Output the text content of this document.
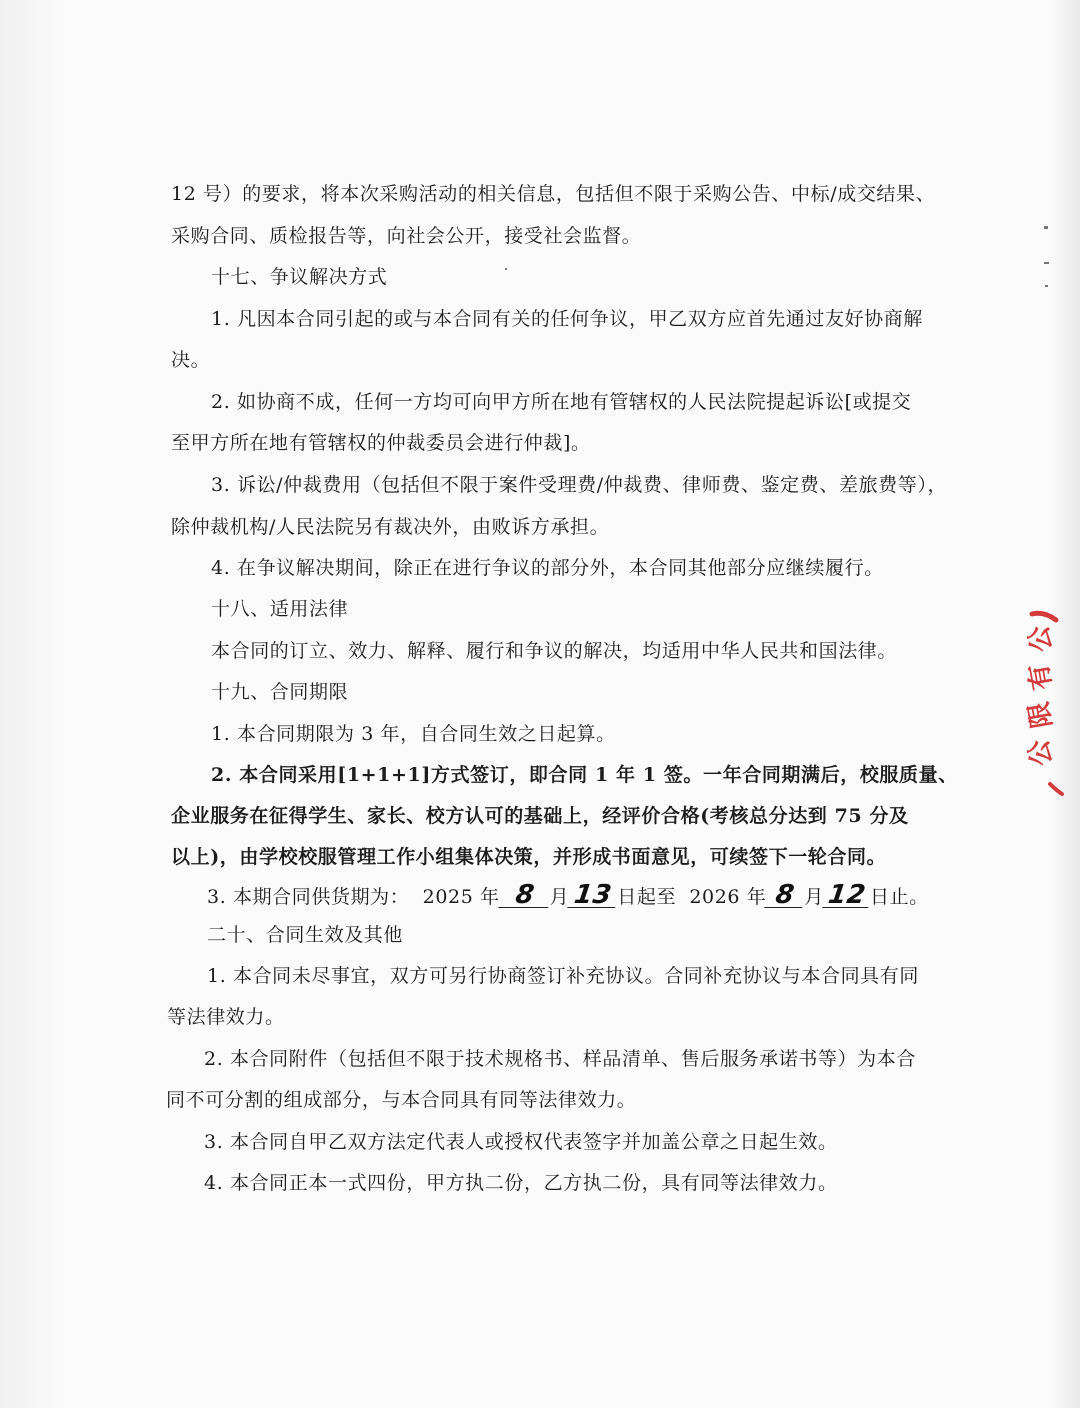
12 号）的要求，将本次采购活动的相关信息，包括但不限于采购公告、中标/成交结果、
采购合同、质检报告等，向社会公开，接受社会监督。
十七、争议解决方式
1. 凡因本合同引起的或与本合同有关的任何争议，甲乙双方应首先通过友好协商解
决。
2. 如协商不成，任何一方均可向甲方所在地有管辖权的人民法院提起诉讼[或提交
至甲方所在地有管辖权的仲裁委员会进行仲裁]。
3. 诉讼/仲裁费用（包括但不限于案件受理费/仲裁费、律师费、鉴定费、差旅费等），
除仲裁机构/人民法院另有裁决外，由败诉方承担。
4. 在争议解决期间，除正在进行争议的部分外，本合同其他部分应继续履行。
十八、适用法律
本合同的订立、效力、解释、履行和争议的解决，均适用中华人民共和国法律。
十九、合同期限
1. 本合同期限为 3 年，自合同生效之日起算。
2. 本合同采用[1+1+1]方式签订，即合同 1 年 1 签。一年合同期满后，校服质量、
企业服务在征得学生、家长、校方认可的基础上，经评价合格(考核总分达到 75 分及
以上)，由学校校服管理工作小组集体决策，并形成书面意见，可续签下一轮合同。
3. 本期合同供货期为： 2025 年 8 月 13 日起至 2026 年 8 月12 日止。
二十、合同生效及其他
1. 本合同未尽事宜，双方可另行协商签订补充协议。合同补充协议与本合同具有同
等法律效力。
2. 本合同附件（包括但不限于技术规格书、样品清单、售后服务承诺书等）为本合
同不可分割的组成部分，与本合同具有同等法律效力。
3. 本合同自甲乙双方法定代表人或授权代表签字并加盖公章之日起生效。
4. 本合同正本一式四份，甲方执二份，乙方执二份，具有同等法律效力。
公
有
限
公
